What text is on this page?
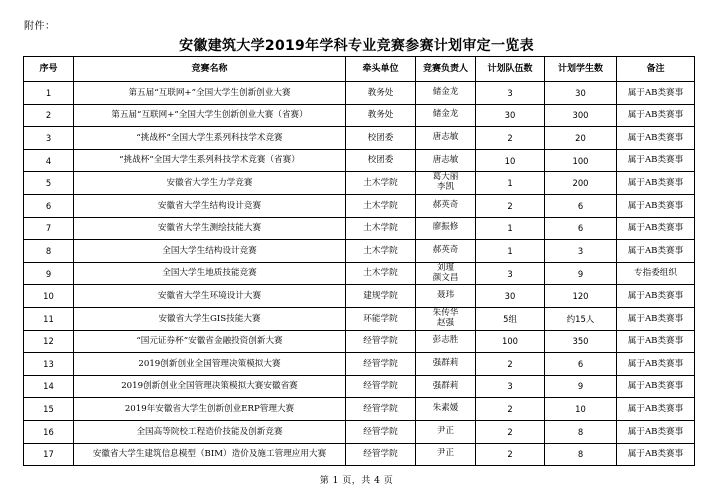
附件：
安徽建筑大学2019年学科专业竞赛参赛计划审定一览表
序号	竞赛名称	牵头单位	竞赛负责人	计划队伍数	计划学生数	备注
1	第五届“互联网+”全国大学生创新创业大赛	教务处	储金龙	3	30	属于AB类赛事
2	第五届“互联网+”全国大学生创新创业大赛（省赛）	教务处	储金龙	30	300	属于AB类赛事
3	“挑战杯”全国大学生系列科技学术竞赛	校团委	唐志敏	2	20	属于AB类赛事
4	“挑战杯”全国大学生系列科技学术竞赛（省赛）	校团委	唐志敏	10	100	属于AB类赛事
5	安徽省大学生力学竞赛	土木学院	葛大丽
李凯	1	200	属于AB类赛事
6	安徽省大学生结构设计竞赛	土木学院	郝英奇	2	6	属于AB类赛事
7	安徽省大学生测绘技能大赛	土木学院	廖振修	1	6	属于AB类赛事
8	全国大学生结构设计竞赛	土木学院	郝英奇	1	3	属于AB类赛事
9	全国大学生地质技能竞赛	土木学院	刘瑾
颜文昌	3	9	专指委组织
10	安徽省大学生环境设计大赛	建规学院	聂玮	30	120	属于AB类赛事
11	安徽省大学生GIS技能大赛	环能学院	朱传华
赵强	5组	约15人	属于AB类赛事
12	“国元证券杯”安徽省金融投资创新大赛	经管学院	彭志胜	100	350	属于AB类赛事
13	2019创新创业全国管理决策模拟大赛	经管学院	强群莉	2	6	属于AB类赛事
14	2019创新创业全国管理决策模拟大赛安徽省赛	经管学院	强群莉	3	9	属于AB类赛事
15	2019年安徽省大学生创新创业ERP管理大赛	经管学院	朱素媛	2	10	属于AB类赛事
16	全国高等院校工程造价技能及创新竞赛	经管学院	尹正	2	8	属于AB类赛事
17	安徽省大学生建筑信息模型（BIM）造价及施工管理应用大赛	经管学院	尹正	2	8	属于AB类赛事
第 1 页，共 4 页
